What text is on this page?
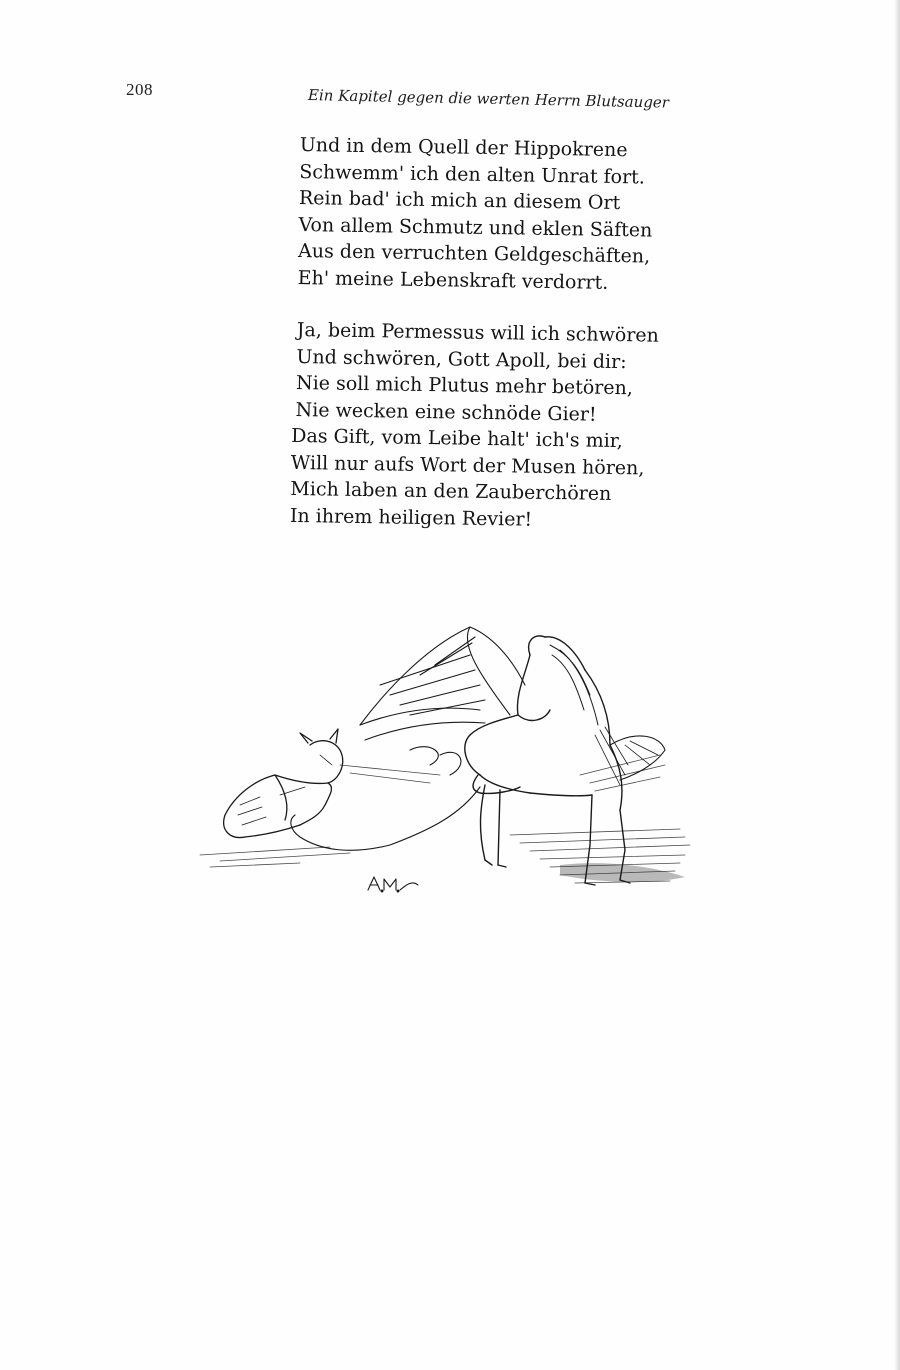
208	Ein Kapitel gegen die werten Herrn Blutsauger
Und in dem Quell der Hippokrene
Schwemm' ich den alten Unrat fort.
Rein bad' ich mich an diesem Ort
Von allem Schmutz und eklen Säften
Aus den verruchten Geldgeschäften,
Eh' meine Lebenskraft verdorrt.
Ja, beim Permessus will ich schwören
Und schwören, Gott Apoll, bei dir:
Nie soll mich Plutus mehr betören,
Nie wecken eine schnöde Gier!
Das Gift, vom Leibe halt' ich's mir,
Will nur aufs Wort der Musen hören,
Mich laben an den Zauberchören
In ihrem heiligen Revier!
